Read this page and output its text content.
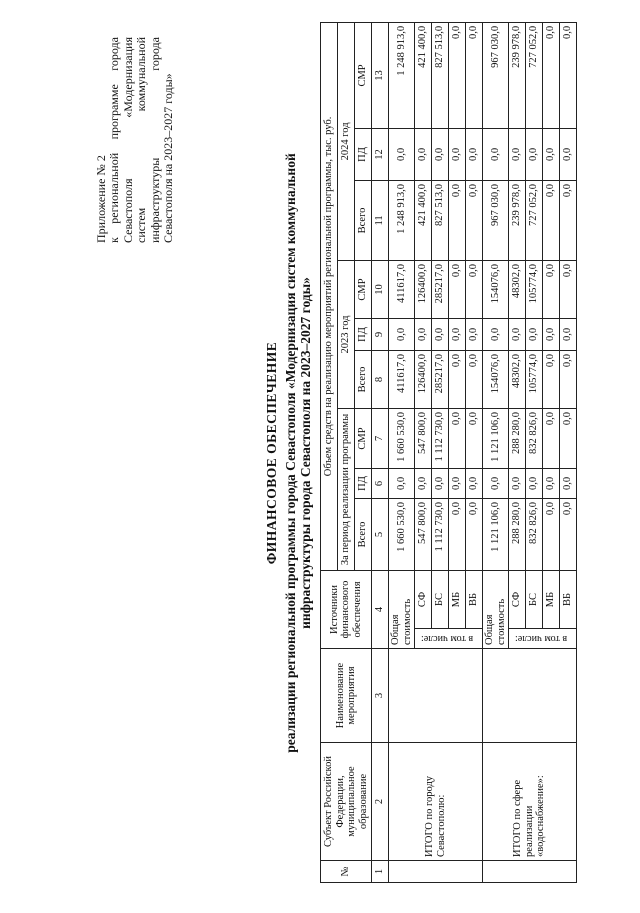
Приложение № 2 к
региональной
программе
города
Севастополя
«Модернизация
систем
коммунальной
инфраструктуры
города
Севастополя на 2023–2027 годы»
ФИНАНСОВОЕ ОБЕСПЕЧЕНИЕ реализации региональной программы города Севастополя «Модернизация систем коммунальной инфраструктуры города Севастополя на 2023–2027 годы»
№	Субъект Российской Федерации, муниципальное образование	Наименование мероприятия	Источники финансового обеспечения		Объем средств на реализацию мероприятий региональной программы, тыс. руб.								
					За период реализации программы			2023 год			2024 год		
					Всего	ПД	СМР	Всего	ПД	СМР	Всего	ПД	СМР
1	2	3	4		5	6	7	8	9	10	11	12	13
	ИТОГО по городу Севастополю:		Общая стоимость		1 660 530,0	0,0	1 660 530,0	411617,0	0,0	411617,0	1 248 913,0	0,0	1 248 913,0
			в том числе:	СФ	547 800,0	0,0	547 800,0	126400,0	0,0	126400,0	421 400,0	0,0	421 400,0
				БС	1 112 730,0	0,0	1 112 730,0	285217,0	0,0	285217,0	827 513,0	0,0	827 513,0
				МБ	0,0	0,0	0,0	0,0	0,0	0,0	0,0	0,0	0,0
				ВБ	0,0	0,0	0,0	0,0	0,0	0,0	0,0	0,0	0,0
	ИТОГО по сфере реализации «водоснабжение»:		Общая стоимость		1 121 106,0	0,0	1 121 106,0	154076,0	0,0	154076,0	967 030,0	0,0	967 030,0
			в том числе:	СФ	288 280,0	0,0	288 280,0	48302,0	0,0	48302,0	239 978,0	0,0	239 978,0
				БС	832 826,0	0,0	832 826,0	105774,0	0,0	105774,0	727 052,0	0,0	727 052,0
				МБ	0,0	0,0	0,0	0,0	0,0	0,0	0,0	0,0	0,0
				ВБ	0,0	0,0	0,0	0,0	0,0	0,0	0,0	0,0	0,0
